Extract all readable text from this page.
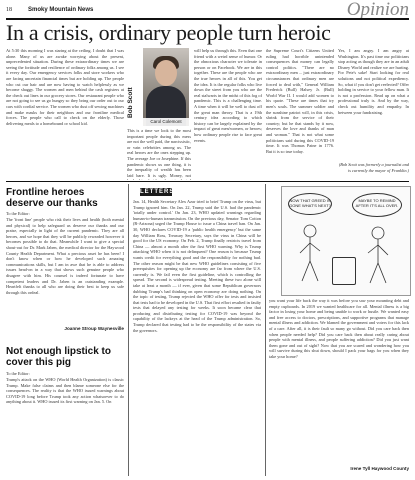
18	Smoky Mountain News	Opinion
In a crisis, ordinary people turn heroic
At 5:30 this morning I was staring at the ceiling. I doubt that I was alone. Many of us are awake worrying about the present, unprecedented situation. During these extraordinary times we are seeing the fortitude and resilience of ordinary folks among us. I see it every day. Our emergency services folks and store workers who are facing uncertain financial times but are holding up. The people who cut our hair and are now having to watch helplessly as we become shaggy. The women and men behind the cash registers at the check out lines in our grocery stores. Our restaurant people who are not going to see us go hungry so they bring our order out to our cars with cordial service. The women who dust off sewing machines and make masks for their neighbors and our frontline medical forces. The people who call to check on the elderly. Those delivering meals to a homebound or school kid.
Bob Scott
Carol Colemont
will help us through this. Even that one friend with a weird sense of humor. Or the obnoxious character we tolerate in person or on Facebook. We are in this together. These are the people who are the true heroes in all of this. You get the idea. It is the regular folks who live down the street from you who are the real stalwarts in the midst of this fog of pandemic. This is a challenging time. A time when it will be well to dust off the great man theory. That is a 19th century idea according to which history can be largely explained by the impact of great men/women, or heroes; how ordinary people rise to face great events.
This is a time we look to the most important people during this mess are not the well paid, the narcissistic, or vain celebrities among us. The real heroes are the ones stepping up. The average Joe or Josephine. If this pandemic shows us one thing, it is the inequality of wealth has been laid bare. It is ugly. Money, not
the Supreme Court's Citizens United ruling had horrible unintended consequences that money can legally control politics. "There are no extraordinary men ... just extraordinary circumstances that ordinary men are forced to deal with," General William Frederick (Bull) Halsey Jr. (Bull) World War II. I would add women to his quote. "These are times that try men's souls. The summer soldier and the sunshine patriot will, in this crisis, shrink from the service of their country; but he that stands by it now, deserves the love and thanks of man and woman." That is not what some politicians said during this COVID-19 time. It was Thomas Paine in 1776. But it is so true today.
Yes, I am angry. I am angry at Washington. It's past time our politicians stop acting as though they are in an adult Disney World and realize we are hurting. For Pete's sake! Start looking for real solutions and not political expediency. So, what if you don't get reelected? Offer holding in service to your fellow man. It is not a profession. Read up on what a professional truly is. And by the way, check out humility and empathy. In between your fundraising.
(Bob Scott was formerly a journalist and is currently the mayor of Franklin.)
LETTERS
Frontline heroes deserve our thanks
To the Editor:
The 'front line' people who risk their lives and health (both mental and physical) to help safeguard us deserve our thanks and our praise, especially in light of the current pandemic. They are all heroes, and we hope that they will be publicly rewarded however it becomes possible to do that. Meanwhile I want to give a special shout-out for Dr. Mark Jaben, the medical director for the Haywood County Health Department. What a precious asset he has been! I don't know when or how he developed such amazing communications skills, but I am in awe that he is able to address issues head-on in a way that shows such genuine people who disagree with him. His counsel is indeed fortunate to have competent leaders and Dr. Jaben is an outstanding example. Heartfelt thanks to all who are doing their best to keep us safe through this ordeal.
Joanne Stroup Waynesville
Not enough lipstick to cover this pig
To the Editor:
Trump's attack on the WHO (World Health Organization) is classic Trump. Make false claims and then blame someone else for the consequences. The reality is that the WHO issued warnings about COVID-19 long before Trump took any action whatsoever to do anything about it. WHO issued its first warning on Jan. 5. On
Jan. 14, Health Secretary Alex Azar tried to brief Trump on the virus, but Trump ignored him. On Jan. 22, Trump said the U.S. had the pandemic 'totally under control.' On Jan. 23, WHO updated warnings regarding human-to-human transmission. On the previous day, Senator Tom Cotton (R-Arizona) urged the Trump House to issue a China travel ban. On Jan. 30, WHO declares COVID-19 a 'public health emergency' but the same day William Ross, Treasury Secretary, says the virus in China will be good for the US economy. On Feb. 2, Trump finally restricts travel from China — almost a month after the first WHO warning. Why is Trump attacking WHO when it is not delinquent? One reason is because Trump wants credit for everything good and the responsibility for nothing bad. The other reason might be that new WHO guidelines consisting of five prerequisites for opening up the economy are far from where the U.S. currently is. We fail even the first guideline, which is controlling the spread. The second is widespread testing. Meeting these two alone will take at least a month — if ever, given that some Republican governors dubbing Trump's bad thinking on open economy are doing nothing. On the topic of testing, Trump rejected the WHO offer for tests and insisted that tests had to be developed in the U.S. That first effort resulted in faulty tests that delayed any testing for weeks. It soon became clear that producing and distributing testing for COVID-19 was beyond the capability of the lackeys at the head of the Trump administration. So, Trump declared that testing had to be the responsibility of the states via the governors.
NOW THAT GREED IS GONE WHAT'S NEXT?
MAYBE TO REMIND AFTER IT'S ALL OVER.
you want your life back the way it was before you saw your mounting debt and empty cupboards. In 2019 we wanted healthcare for all. Mental illness is a big factor in losing your home and being unable to work or hustle. We wanted easy and free access to doctors, prescriptions, and supportive programs that manage mental illness and addiction. We blamed the government and voters for this lack of a care. After all, it is their fault so many go without. Did you care back then when people needed help? Did you care back then about really caring about people with mental illness, and people suffering addiction? Did you just want them gone and out of sight? Now that you are scared and wondering how you will survive during this shut down, should I pack your bags for you when they take your home?
Irene Tyll Haywood County
